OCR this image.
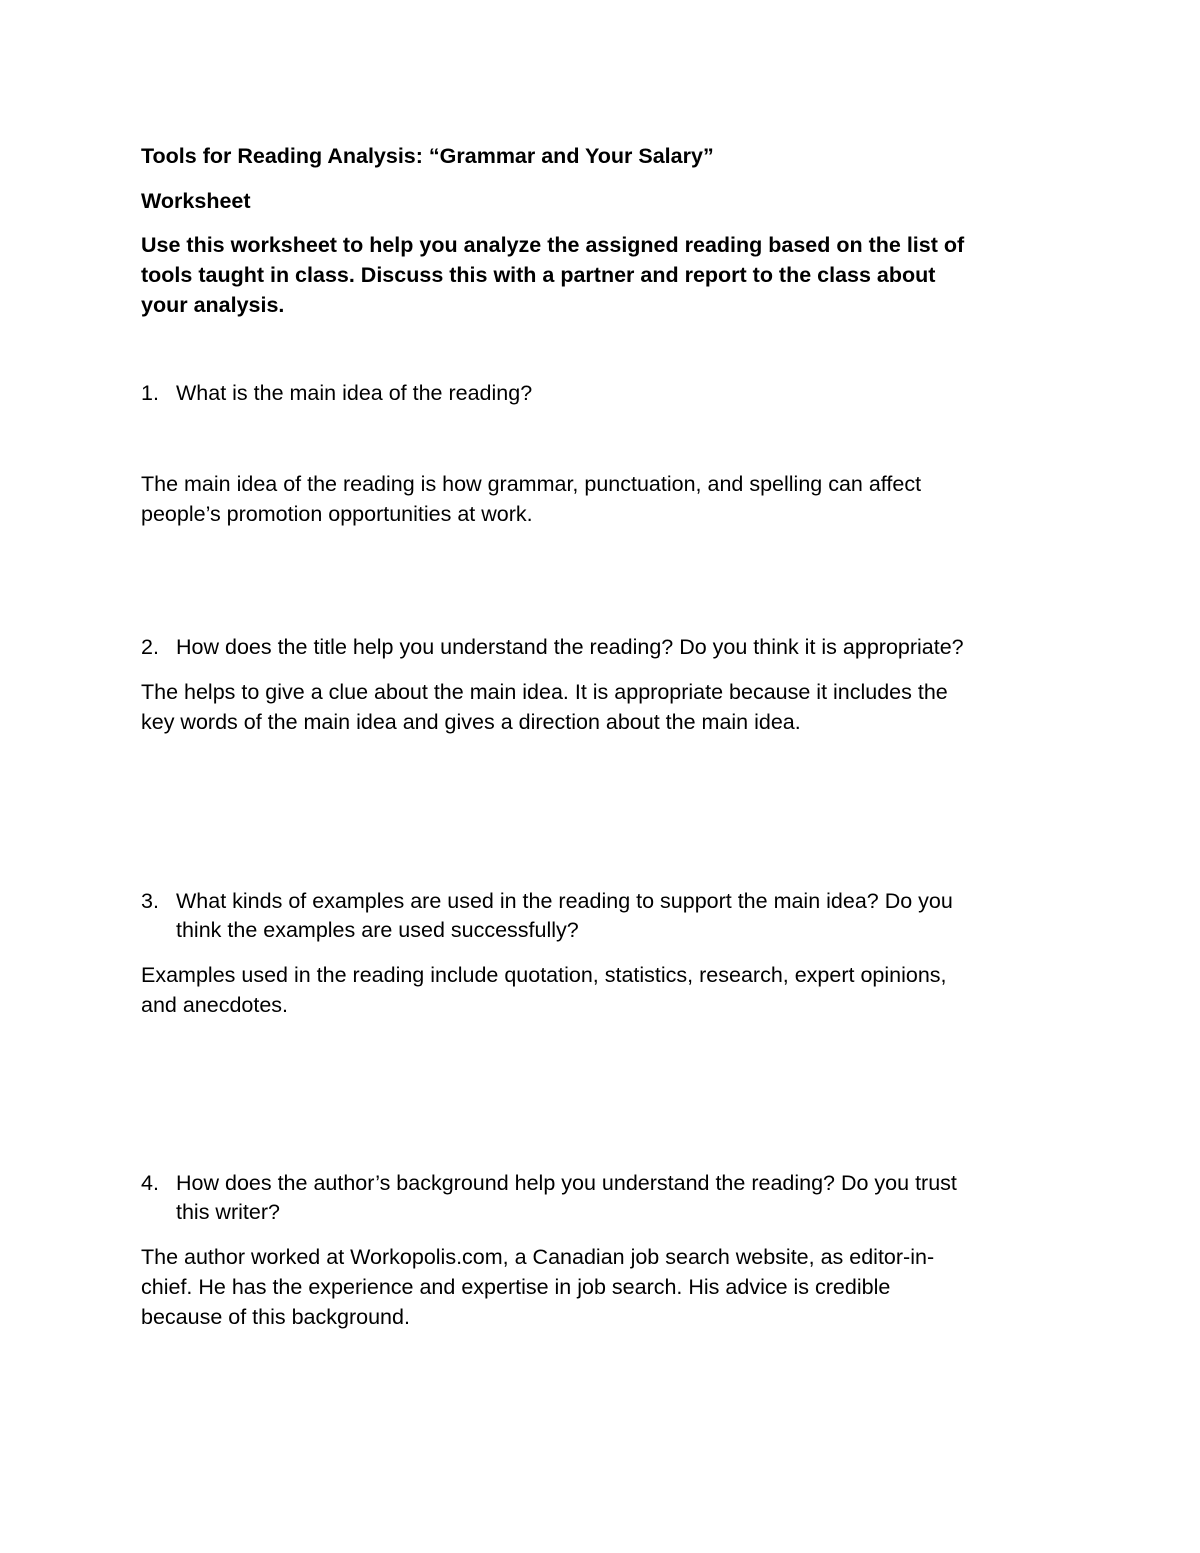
Tools for Reading Analysis: “Grammar and Your Salary”
Worksheet
Use this worksheet to help you analyze the assigned reading based on the list of
tools taught in class. Discuss this with a partner and report to the class about
your analysis.
1. What is the main idea of the reading?
The main idea of the reading is how grammar, punctuation, and spelling can affect
people’s promotion opportunities at work.
2. How does the title help you understand the reading? Do you think it is appropriate?
The helps to give a clue about the main idea. It is appropriate because it includes the
key words of the main idea and gives a direction about the main idea.
3. What kinds of examples are used in the reading to support the main idea? Do you
think the examples are used successfully?
Examples used in the reading include quotation, statistics, research, expert opinions,
and anecdotes.
4. How does the author’s background help you understand the reading? Do you trust
this writer?
The author worked at Workopolis.com, a Canadian job search website, as editor-in-
chief. He has the experience and expertise in job search. His advice is credible
because of this background.
